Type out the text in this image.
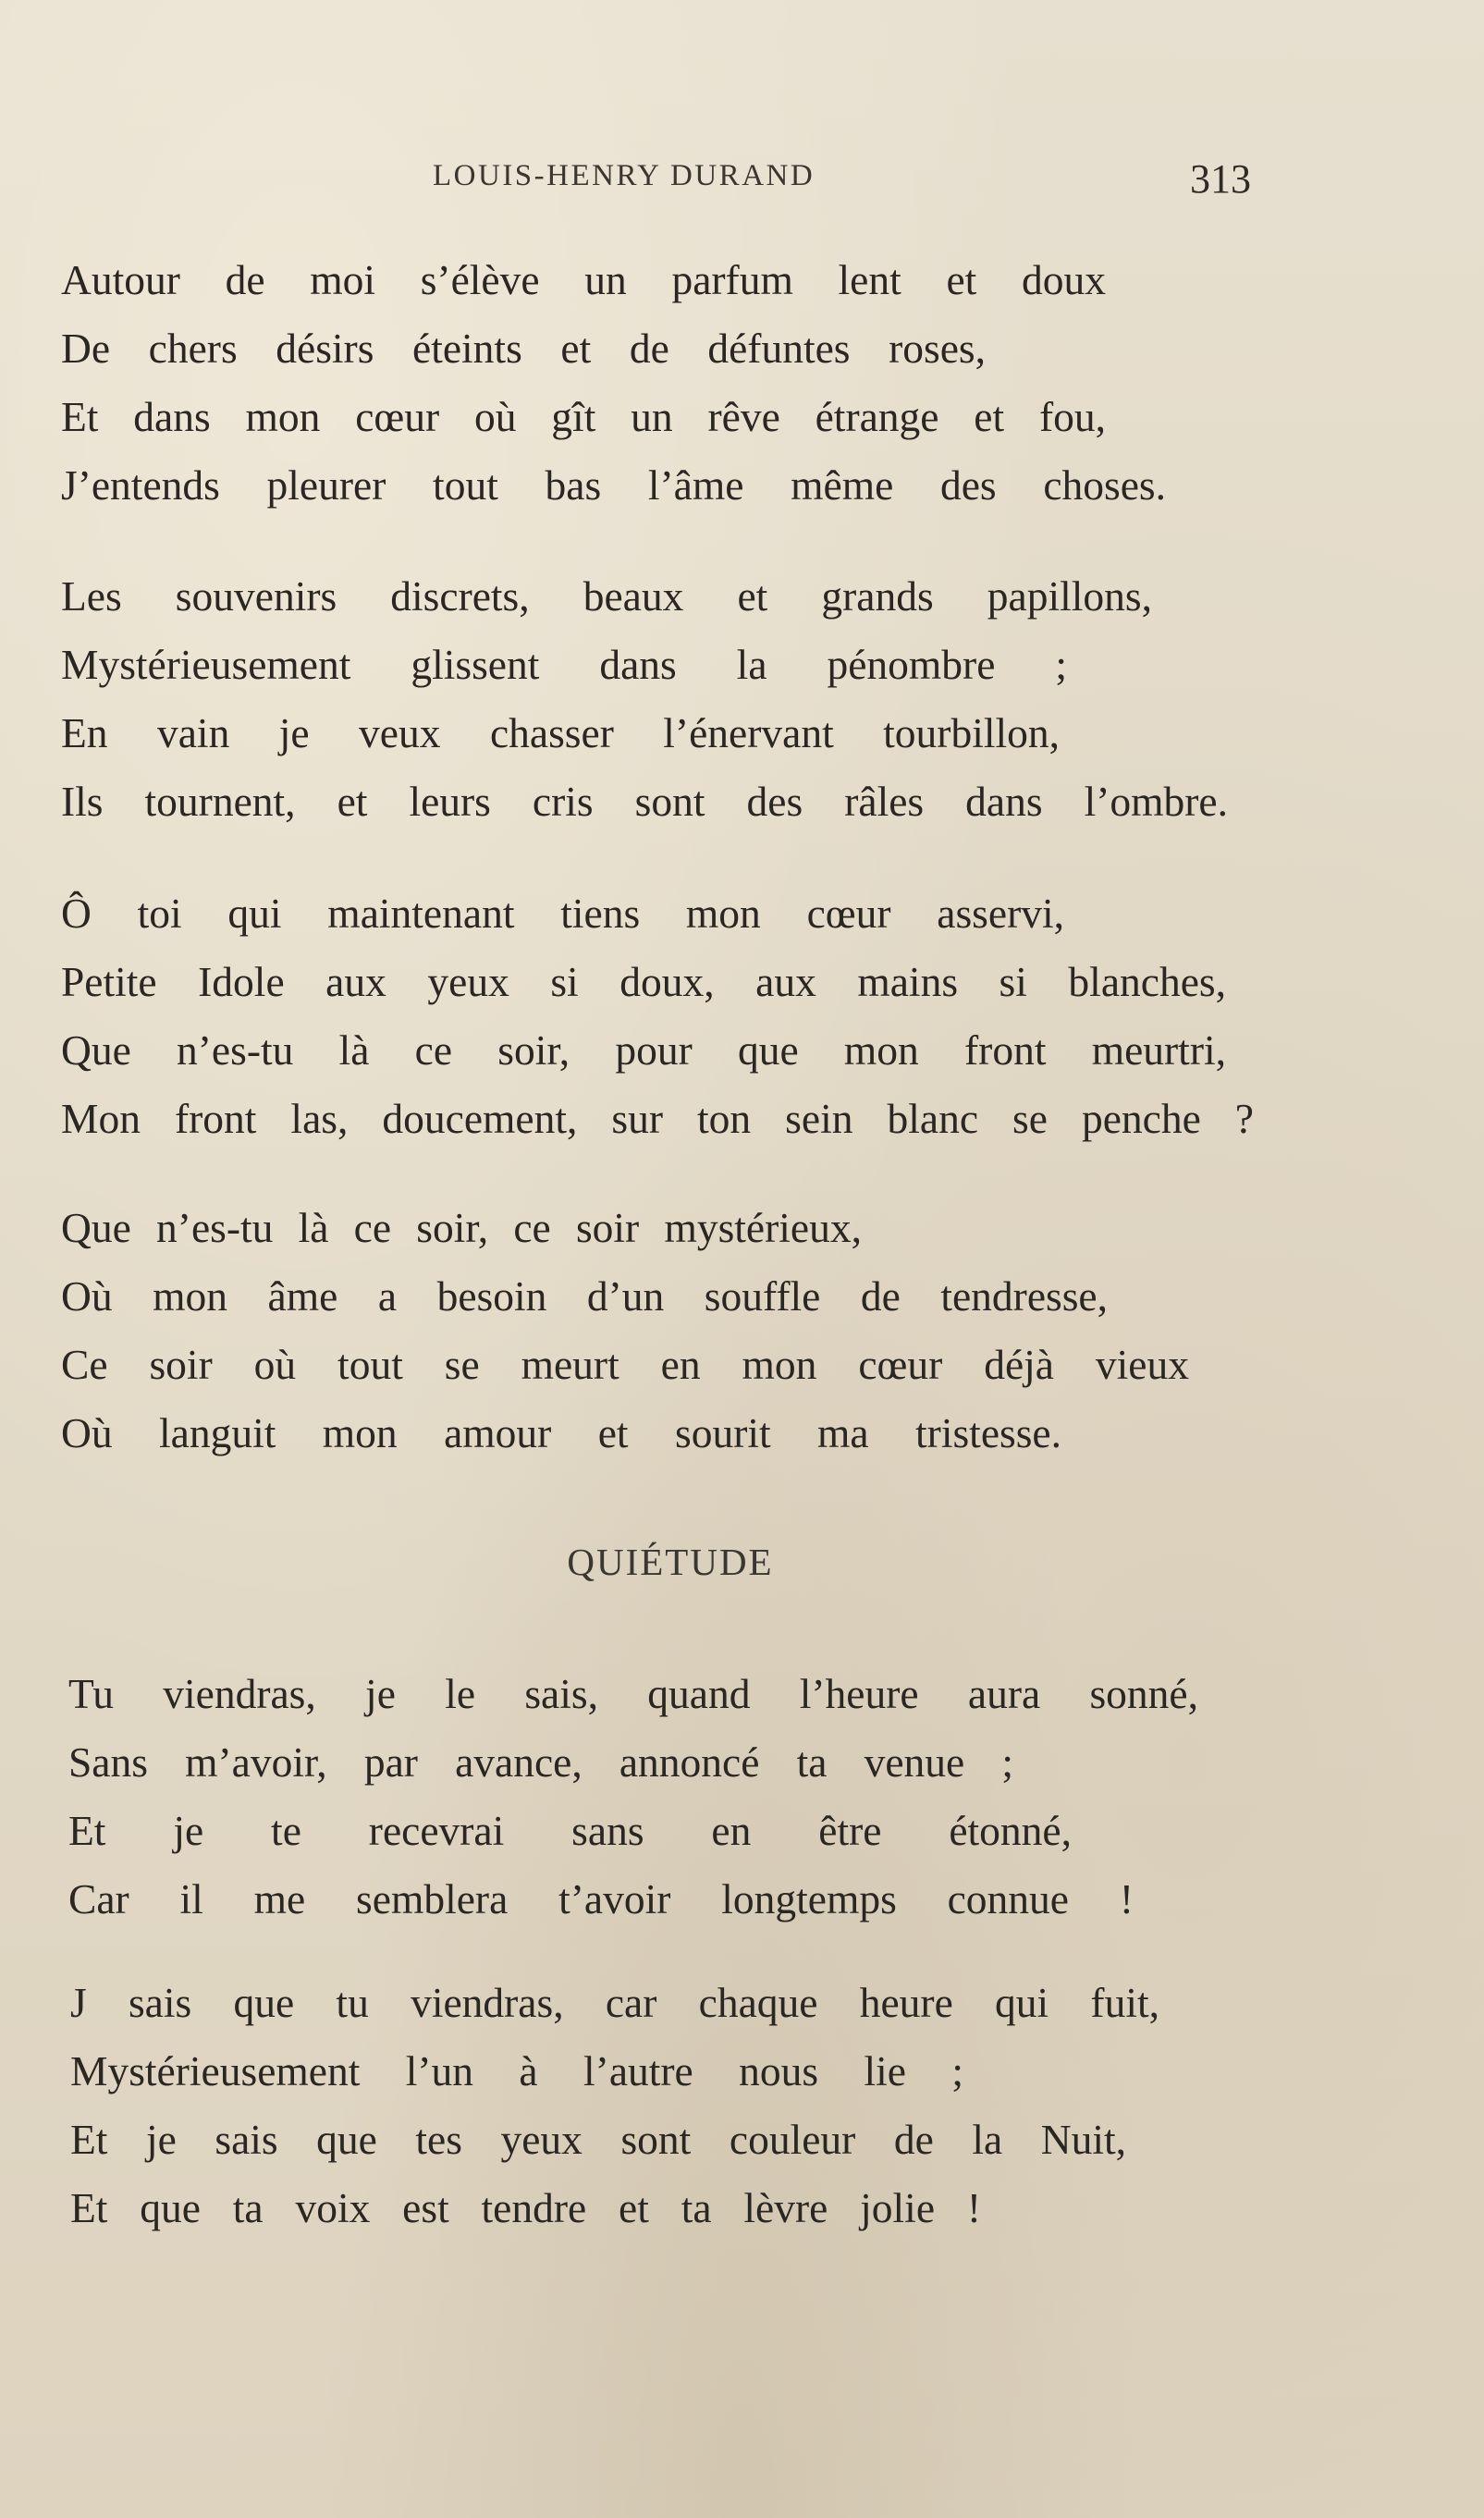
LOUIS-HENRY DURAND	313
Autour de moi s’élève un parfum lent et doux
De chers désirs éteints et de défuntes roses,
Et dans mon cœur où gît un rêve étrange et fou,
J’entends pleurer tout bas l’âme même des choses.
Les souvenirs discrets, beaux et grands papillons,
Mystérieusement glissent dans la pénombre ;
En vain je veux chasser l’énervant tourbillon,
Ils tournent, et leurs cris sont des râles dans l’ombre.
Ô toi qui maintenant tiens mon cœur asservi,
Petite Idole aux yeux si doux, aux mains si blanches,
Que n’es-tu là ce soir, pour que mon front meurtri,
Mon front las, doucement, sur ton sein blanc se penche ?
Que n’es-tu là ce soir, ce soir mystérieux,
Où mon âme a besoin d’un souffle de tendresse,
Ce soir où tout se meurt en mon cœur déjà vieux
Où languit mon amour et sourit ma tristesse.
QUIÉTUDE
Tu viendras, je le sais, quand l’heure aura sonné,
Sans m’avoir, par avance, annoncé ta venue ;
Et je te recevrai sans en être étonné,
Car il me semblera t’avoir longtemps connue !
J sais que tu viendras, car chaque heure qui fuit,
Mystérieusement l’un à l’autre nous lie ;
Et je sais que tes yeux sont couleur de la Nuit,
Et que ta voix est tendre et ta lèvre jolie !
